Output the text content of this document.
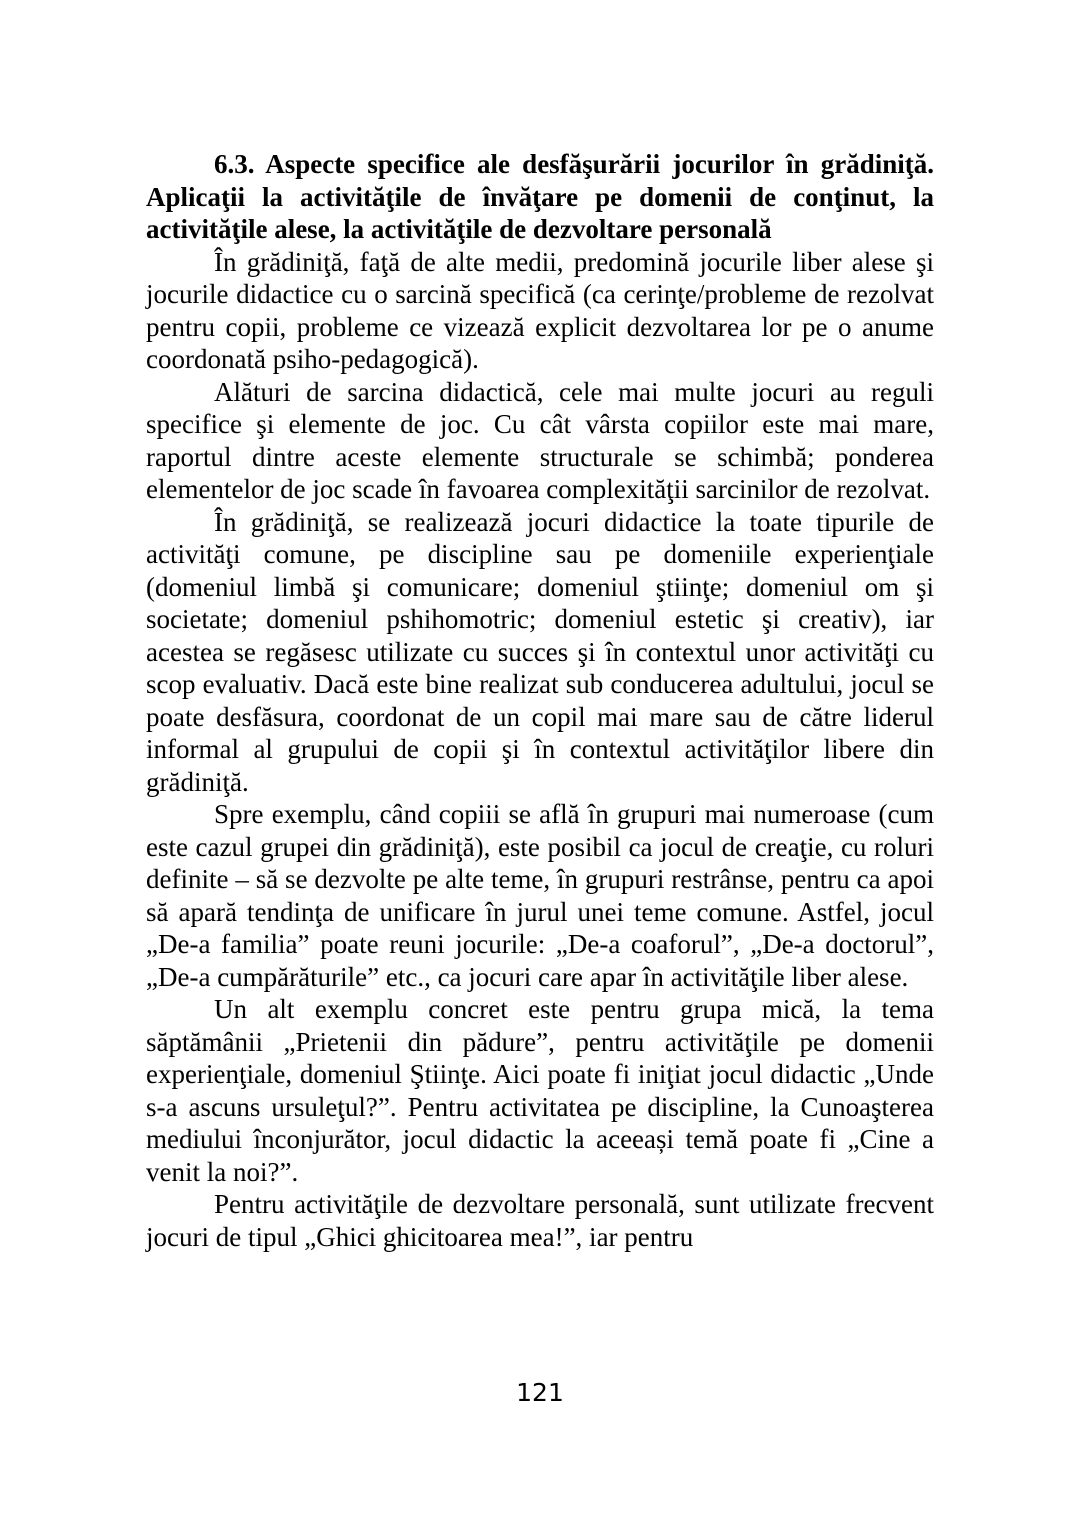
6.3. Aspecte specifice ale desfăşurării jocurilor în grădiniţă. Aplicaţii la activităţile de învăţare pe domenii de conţinut, la activităţile alese, la activităţile de dezvoltare personală

În grădiniţă, faţă de alte medii, predomină jocurile liber alese şi jocurile didactice cu o sarcină specifică (ca cerinţe/probleme de rezolvat pentru copii, probleme ce vizează explicit dezvoltarea lor pe o anume coordonată psiho-pedagogică).

Alături de sarcina didactică, cele mai multe jocuri au reguli specifice şi elemente de joc. Cu cât vârsta copiilor este mai mare, raportul dintre aceste elemente structurale se schimbă; ponderea elementelor de joc scade în favoarea complexităţii sarcinilor de rezolvat.

În grădiniţă, se realizează jocuri didactice la toate tipurile de activităţi comune, pe discipline sau pe domeniile experienţiale (domeniul limbă şi comunicare; domeniul ştiinţe; domeniul om şi societate; domeniul pshihomotric; domeniul estetic şi creativ), iar acestea se regăsesc utilizate cu succes şi în contextul unor activităţi cu scop evaluativ. Dacă este bine realizat sub conducerea adultului, jocul se poate desfăsura, coordonat de un copil mai mare sau de către liderul informal al grupului de copii şi în contextul activităţilor libere din grădiniţă.

Spre exemplu, când copiii se află în grupuri mai numeroase (cum este cazul grupei din grădiniţă), este posibil ca jocul de creaţie, cu roluri definite – să se dezvolte pe alte teme, în grupuri restrânse, pentru ca apoi să apară tendinţa de unificare în jurul unei teme comune. Astfel, jocul „De-a familia” poate reuni jocurile: „De-a coaforul”, „De-a doctorul”, „De-a cumpărăturile” etc., ca jocuri care apar în activităţile liber alese.

Un alt exemplu concret este pentru grupa mică, la tema săptămânii „Prietenii din pădure”, pentru activităţile pe domenii experienţiale, domeniul Ştiinţe. Aici poate fi iniţiat jocul didactic „Unde s-a ascuns ursuleţul?”. Pentru activitatea pe discipline, la Cunoaşterea mediului înconjurător, jocul didactic la aceeași temă poate fi „Cine a venit la noi?”.

Pentru activităţile de dezvoltare personală, sunt utilizate frecvent jocuri de tipul „Ghici ghicitoarea mea!”, iar pentru

121
